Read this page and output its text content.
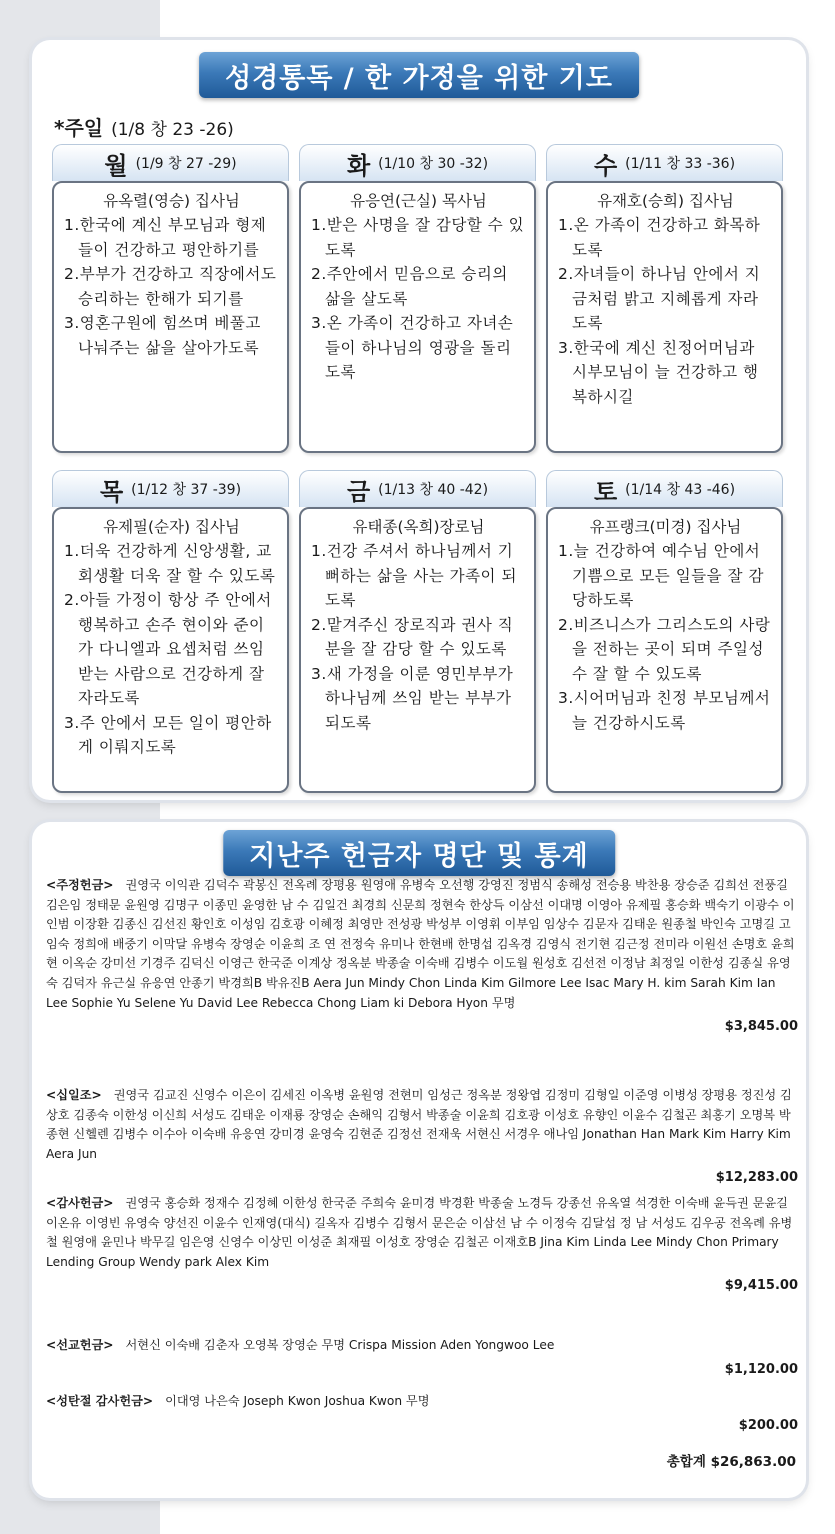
성경통독 / 한 가정을 위한 기도
*주일 (1/8 창 23 -26)
월 (1/9 창 27 -29)
유옥렬(영승) 집사님
1.한국에 계신 부모님과 형제들이 건강하고 평안하기를
2.부부가 건강하고 직장에서도 승리하는 한해가 되기를
3.영혼구원에 힘쓰며 베풀고 나눠주는 삶을 살아가도록
화 (1/10 창 30 -32)
유응연(근실) 목사님
1.받은 사명을 잘 감당할 수 있도록
2.주안에서 믿음으로 승리의 삶을 살도록
3.온 가족이 건강하고 자녀손들이 하나님의 영광을 돌리도록
수 (1/11 창 33 -36)
유재호(승희) 집사님
1.온 가족이 건강하고 화목하도록
2.자녀들이 하나님 안에서 지금처럼 밝고 지혜롭게 자라도록
3.한국에 계신 친정어머님과 시부모님이 늘 건강하고 행복하시길
목 (1/12 창 37 -39)
유제필(순자) 집사님
1.더욱 건강하게 신앙생활, 교회생활 더욱 잘 할 수 있도록
2.아들 가정이 항상 주 안에서 행복하고 손주 현이와 준이가 다니엘과 요셉처럼 쓰임 받는 사람으로 건강하게 잘 자라도록
3.주 안에서 모든 일이 평안하게 이뤄지도록
금 (1/13 창 40 -42)
유태종(옥희)장로님
1.건강 주셔서 하나님께서 기뻐하는 삶을 사는 가족이 되도록
2.맡겨주신 장로직과 권사 직분을 잘 감당 할 수 있도록
3.새 가정을 이룬 영민부부가 하나님께 쓰임 받는 부부가 되도록
토 (1/14 창 43 -46)
유프랭크(미경) 집사님
1.늘 건강하여 예수님 안에서 기쁨으로 모든 일들을 잘 감당하도록
2.비즈니스가 그리스도의 사랑을 전하는 곳이 되며 주일성수 잘 할 수 있도록
3.시어머님과 친정 부모님께서 늘 건강하시도록
지난주 헌금자 명단 및 통계
<주정헌금> 권영국 이익관 김덕수 곽봉신 전옥례 장평용 원영애 유병숙 오선행 강영진 정범식 송해성 전승용 박찬용 장승준 김희선 전풍길 김은임 정태문 윤원영 김명구 이종민 윤영한 남 수 김일건 최경희 신문희 정현숙 한상득 이삼선 이대명 이영아 유제필 홍승화 백숙기 이광수 이인범 이장환 김종신 김선진 황인호 이성임 김호광 이혜정 최영만 전성광 박성부 이영휘 이부임 임상수 김문자 김태운 원종철 박인숙 고명길 고임숙 정희애 배중기 이막달 유병숙 장영순 이윤희 조 연 전정숙 유미나 한현배 한명섭 김옥경 김영식 전기현 김근정 전미라 이원선 손명호 윤희현 이옥순 강미선 기경주 김덕신 이영근 한국준 이계상 정옥분 박종술 이숙배 김병수 이도월 원성호 김선전 이정남 최정일 이한성 김종실 유영숙 김덕자 유근실 유응연 안종기 박경희B 박유진B Aera Jun Mindy Chon Linda Kim Gilmore Lee Isac Mary H. kim Sarah Kim Ian Lee Sophie Yu Selene Yu David Lee Rebecca Chong Liam ki Debora Hyon 무명
$3,845.00
<십일조> 권영국 김교진 신영수 이은이 김세진 이옥병 윤원영 전현미 임성근 정옥분 정왕엽 김정미 김형일 이준영 이병성 장평용 정진성 김상호 김종숙 이한성 이신희 서성도 김태운 이재룡 장영순 손해익 김형서 박종술 이윤희 김호광 이성호 유향인 이윤수 김철곤 최홍기 오명복 박종현 신헬렌 김병수 이수아 이숙배 유응연 강미경 윤영숙 김현준 김정선 전재욱 서현신 서경우 애나임 Jonathan Han Mark Kim Harry Kim Aera Jun
$12,283.00
<감사헌금> 권영국 홍승화 정재수 김정혜 이한성 한국준 주희숙 윤미경 박경환 박종술 노경득 강종선 유옥열 석경한 이숙배 윤득권 문윤길 이온유 이영빈 유영숙 양선진 이윤수 인재영(대식) 길옥자 김병수 김형서 문은순 이삼선 남 수 이정숙 김달섭 정 남 서성도 김우공 전옥례 유병철 원영애 윤민나 박무길 임은영 신영수 이상민 이성준 최재필 이성호 장영순 김철곤 이재호B Jina Kim Linda Lee Mindy Chon Primary Lending Group Wendy park Alex Kim
$9,415.00
<선교헌금> 서현신 이숙배 김춘자 오영복 장영순 무명 Crispa Mission Aden Yongwoo Lee
$1,120.00
<성탄절 감사헌금> 이대영 나은숙 Joseph Kwon Joshua Kwon 무명
$200.00
총합계 $26,863.00
